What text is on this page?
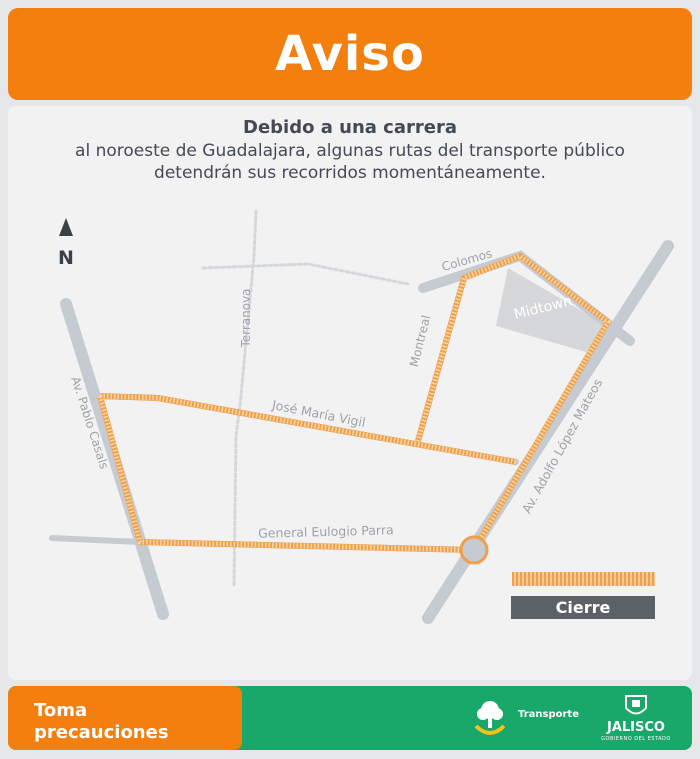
Aviso
N	Colomos
Midtown
Terranova	Montreal
Av. Pablo Casals	José María Vigil	Av. Adolfo López Mateos
General Eulogio Parra
Debido a una carrera
al noroeste de Guadalajara, algunas rutas del transporte público
detendrán sus recorridos momentáneamente.
Cierre
Toma
precauciones
Transporte
JALISCO
GOBIERNO DEL ESTADO
